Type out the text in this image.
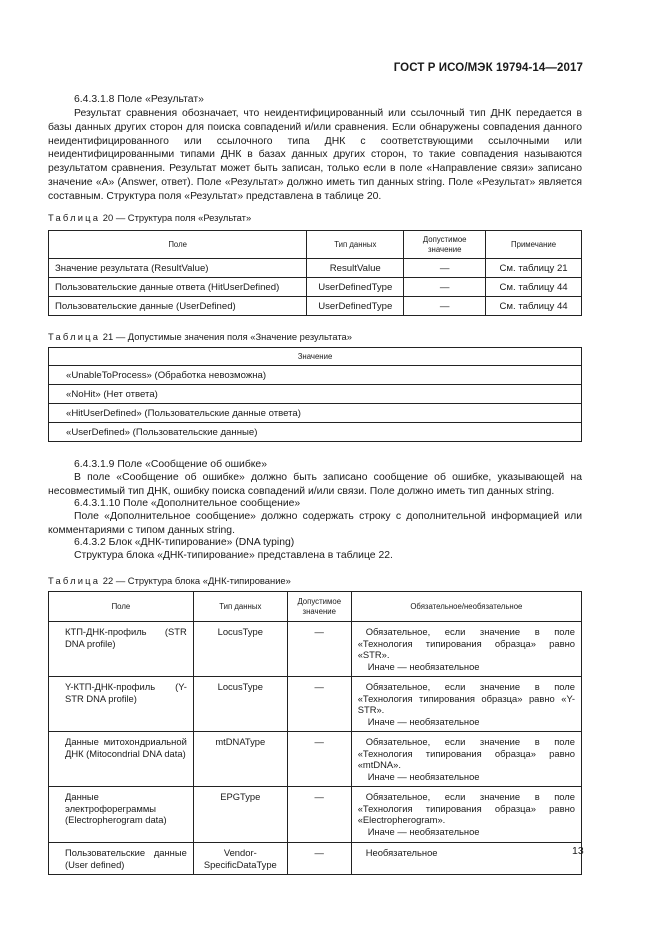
ГОСТ Р ИСО/МЭК 19794-14—2017
6.4.3.1.8 Поле «Результат»
Результат сравнения обозначает, что неидентифицированный или ссылочный тип ДНК передается в базы данных других сторон для поиска совпадений и/или сравнения. Если обнаружены совпадения данного неидентифицированного или ссылочного типа ДНК с соответствующими ссылочными или неидентифицированными типами ДНК в базах данных других сторон, то такие совпадения называются результатом сравнения. Результат может быть записан, только если в поле «Направление связи» записано значение «A» (Answer, ответ). Поле «Результат» должно иметь тип данных string. Поле «Результат» является составным. Структура поля «Результат» представлена в таблице 20.
Таблица 20 — Структура поля «Результат»
Поле	Тип данных	Допустимое значение	Примечание
Значение результата (ResultValue)	ResultValue	—	См. таблицу 21
Пользовательские данные ответа (HitUserDefined)	UserDefinedType	—	См. таблицу 44
Пользовательские данные (UserDefined)	UserDefinedType	—	См. таблицу 44
Таблица 21 — Допустимые значения поля «Значение результата»
Значение
«UnableToProcess» (Обработка невозможна)
«NoHit» (Нет ответа)
«HitUserDefined» (Пользовательские данные ответа)
«UserDefined» (Пользовательские данные)
6.4.3.1.9 Поле «Сообщение об ошибке»
В поле «Сообщение об ошибке» должно быть записано сообщение об ошибке, указывающей на несовместимый тип ДНК, ошибку поиска совпадений и/или связи. Поле должно иметь тип данных string.
6.4.3.1.10 Поле «Дополнительное сообщение»
Поле «Дополнительное сообщение» должно содержать строку с дополнительной информацией или комментариями с типом данных string.
6.4.3.2 Блок «ДНК-типирование» (DNA typing)
Структура блока «ДНК-типирование» представлена в таблице 22.
Таблица 22 — Структура блока «ДНК-типирование»
Поле	Тип данных	Допустимое значение	Обязательное/необязательное
КТП-ДНК-профиль (STR DNA profile)	LocusType	—	Обязательное, если значение в поле «Технология типирования образца» равно «STR».
Иначе — необязательное

Y-КТП-ДНК-профиль (Y-STR DNA profile)	LocusType	—	Обязательное, если значение в поле «Технология типирования образца» равно «Y-STR».
Иначе — необязательное

Данные митохондриальной ДНК (Mitocondrial DNA data)	mtDNAType	—	Обязательное, если значение в поле «Технология типирования образца» равно «mtDNA».
Иначе — необязательное

Данные электрофореграммы (Electropherogram data)	EPGType	—	Обязательное, если значение в поле «Технология типирования образца» равно «Electropherogram».
Иначе — необязательное

Пользовательские данные (User defined)	Vendor-SpecificDataType	—	Необязательное	13
